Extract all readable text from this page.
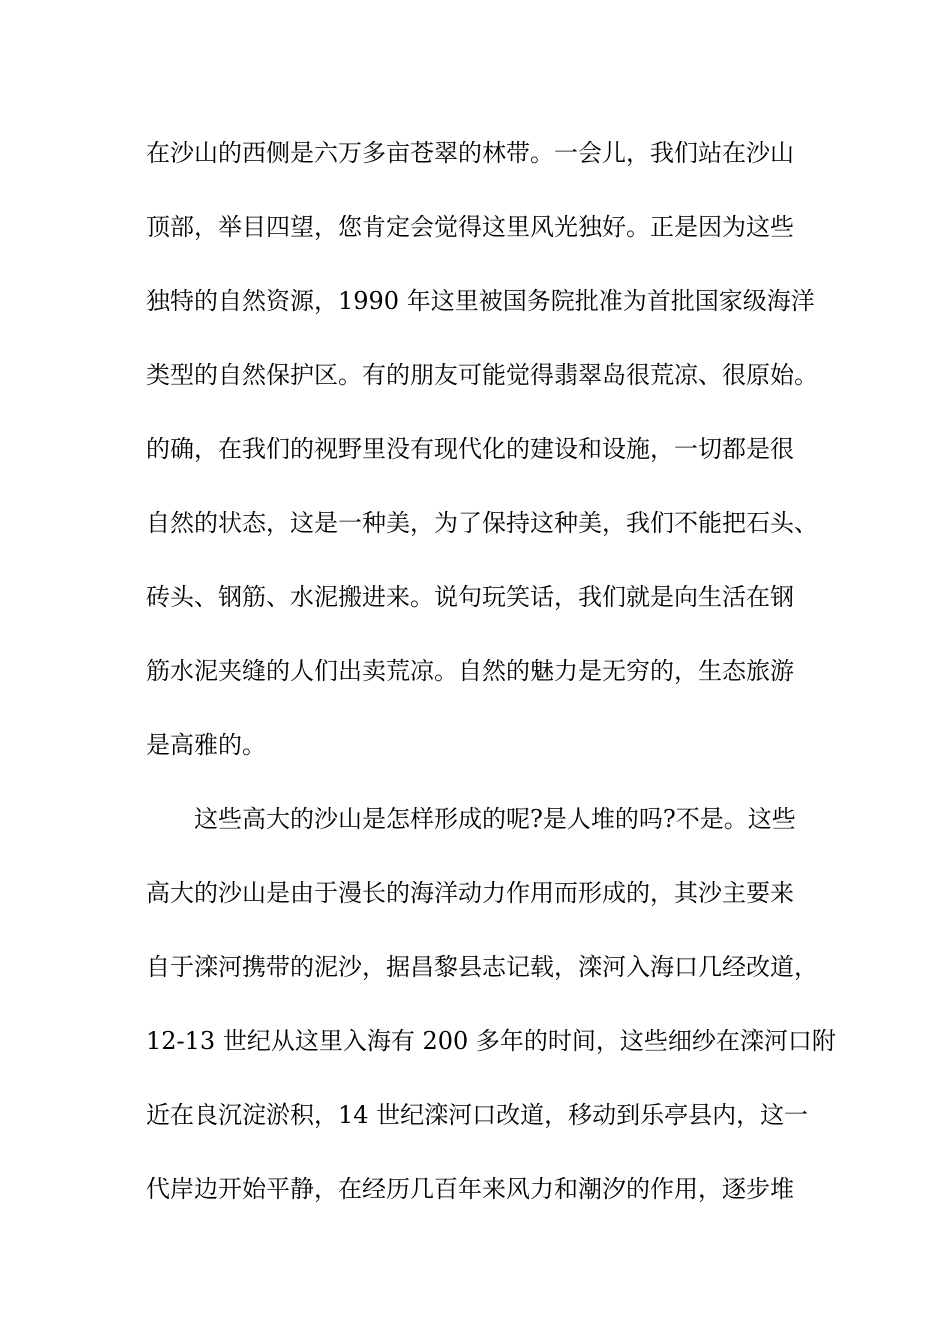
在沙山的西侧是六万多亩苍翠的林带。一会儿，我们站在沙山
顶部，举目四望，您肯定会觉得这里风光独好。正是因为这些
独特的自然资源，1990 年这里被国务院批准为首批国家级海洋
类型的自然保护区。有的朋友可能觉得翡翠岛很荒凉、很原始。
的确，在我们的视野里没有现代化的建设和设施，一切都是很
自然的状态，这是一种美，为了保持这种美，我们不能把石头、
砖头、钢筋、水泥搬进来。说句玩笑话，我们就是向生活在钢
筋水泥夹缝的人们出卖荒凉。自然的魅力是无穷的，生态旅游
是高雅的。
这些高大的沙山是怎样形成的呢?是人堆的吗?不是。这些
高大的沙山是由于漫长的海洋动力作用而形成的，其沙主要来
自于滦河携带的泥沙，据昌黎县志记载，滦河入海口几经改道，
12-13 世纪从这里入海有 200 多年的时间，这些细纱在滦河口附
近在良沉淀淤积，14 世纪滦河口改道，移动到乐亭县内，这一
代岸边开始平静，在经历几百年来风力和潮汐的作用，逐步堆
